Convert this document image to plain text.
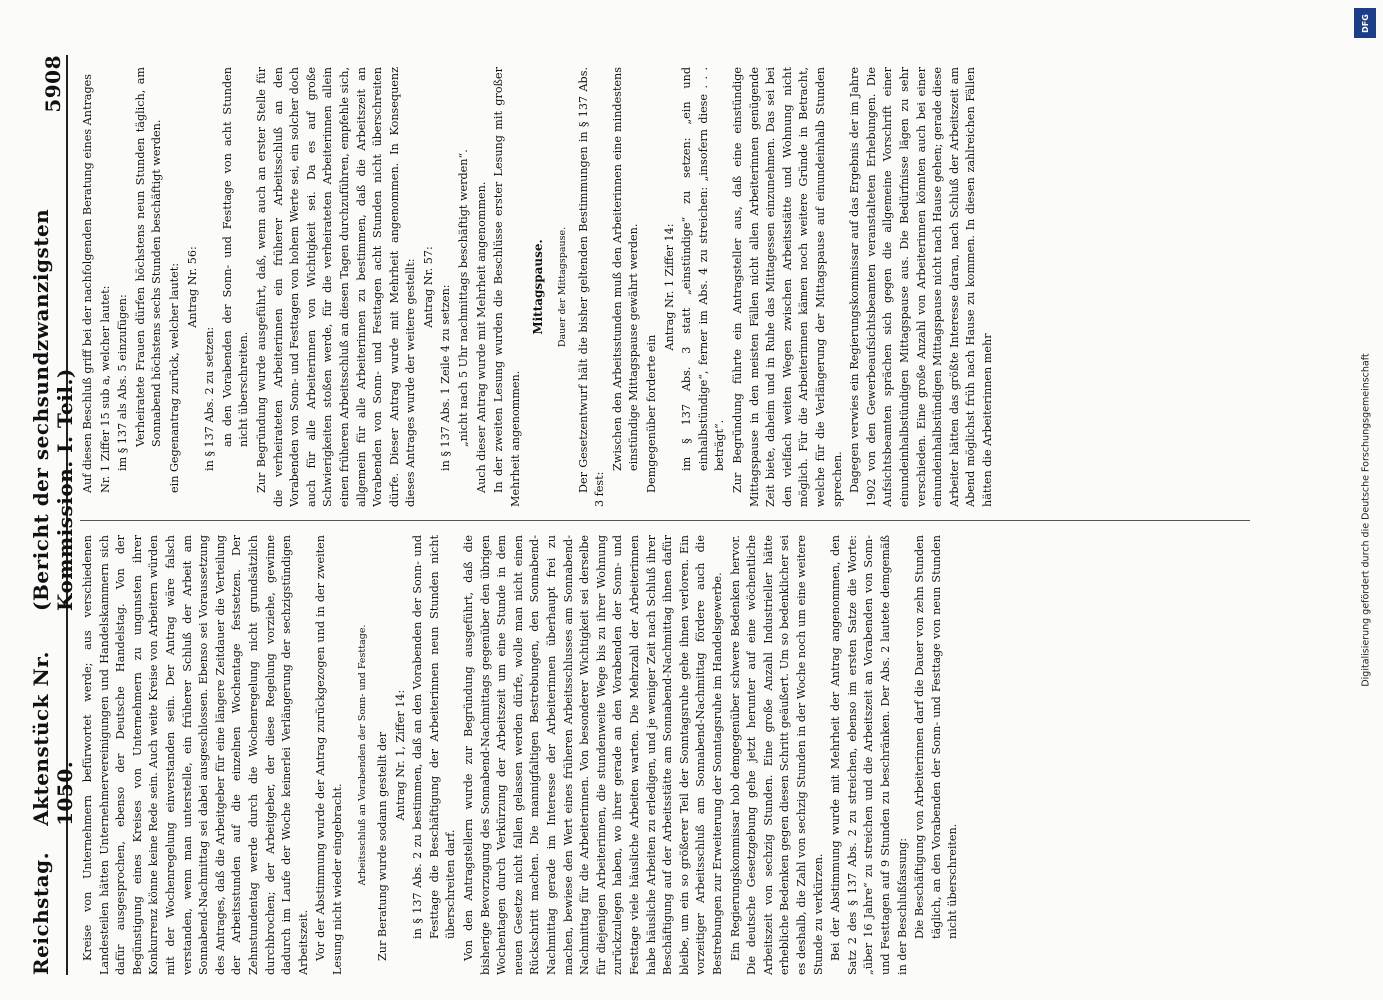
Reichstag.
Aktenstück Nr. 1050.
(Bericht der sechsundzwanzigsten Kommission. I. Teil.)
5908

Kreise von Unternehmern befürwortet werde; aus verschiedenen Landesteilen hätten Unternehmervereinigungen und Handelskammern sich dafür ausgesprochen, ebenso der Deutsche Handelstag. Von der Begünstigung eines Kreises von Unternehmern zu ungunsten ihrer Konkurrenz könne keine Rede sein. Auch weite Kreise von Arbeitern würden mit der Wochenregelung einverstanden sein. Der Antrag wäre falsch verstanden, wenn man unterstelle, ein früherer Schluß der Arbeit am Sonnabend-Nachmittag sei dabei ausgeschlossen. Ebenso sei Voraussetzung des Antrages, daß die Arbeitgeber für eine längere Zeitdauer die Verteilung der Arbeitsstunden auf die einzelnen Wochentage festsetzen. Der Zehnstundentag werde durch die Wochenregelung nicht grundsätzlich durchbrochen; der Arbeitgeber, der diese Regelung vorziehe, gewinne dadurch im Laufe der Woche keinerlei Verlängerung der sechzigstündigen Arbeitszeit. Vor der Abstimmung wurde der Antrag zurückgezogen und in der zweiten Lesung nicht wieder eingebracht. Arbeitsschluß an Vorabenden der Sonn- und Festtage. Zur Beratung wurde sodann gestellt der Antrag Nr. 1, Ziffer 14: in § 137 Abs. 2 zu bestimmen, daß an den Vorabenden der Sonn- und Festtage die Beschäftigung der Arbeiterinnen neun Stunden nicht überschreiten darf. Von den Antragstellern wurde zur Begründung ausgeführt, daß die bisherige Bevorzugung des Sonnabend-Nachmittags gegenüber den übrigen Wochentagen durch Verkürzung der Arbeitszeit um eine Stunde in dem neuen Gesetze nicht fallen gelassen werden dürfe, wolle man nicht einen Rückschritt machen. Die mannigfaltigen Bestrebungen, den Sonnabend-Nachmittag gerade im Interesse der Arbeiterinnen überhaupt frei zu machen, bewiese den Wert eines früheren Arbeitsschlusses am Sonnabend-Nachmittag für die Arbeiterinnen. Von besonderer Wichtigkeit sei derselbe für diejenigen Arbeiterinnen, die stundenweite Wege bis zu ihrer Wohnung zurückzulegen haben, wo ihrer gerade an den Vorabenden der Sonn- und Festtage viele häusliche Arbeiten warten. Die Mehrzahl der Arbeiterinnen habe häusliche Arbeiten zu erledigen, und je weniger Zeit nach Schluß ihrer Beschäftigung auf der Arbeitsstätte am Sonnabend-Nachmittag ihnen dafür bleibe, um ein so größerer Teil der Sonntagsruhe gehe ihnen verloren. Ein vorzeitiger Arbeitsschluß am Sonnabend-Nachmittag fördere auch die Bestrebungen zur Erweiterung der Sonntagsruhe im Handelsgewerbe. Ein Regierungskommissar hob demgegenüber schwere Bedenken hervor. Die deutsche Gesetzgebung gehe jetzt herunter auf eine wöchentliche Arbeitszeit von sechzig Stunden. Eine große Anzahl Industrieller hätte erhebliche Bedenken gegen diesen Schritt geäußert. Um so bedenklicher sei es deshalb, die Zahl von sechzig Stunden in der Woche noch um eine weitere Stunde zu verkürzen. Bei der Abstimmung wurde mit Mehrheit der Antrag angenommen, den Satz 2 des § 137 Abs. 2 zu streichen, ebenso im ersten Satze die Worte: „über 16 Jahre“ zu streichen und die Arbeitszeit an Vorabenden von Sonn- und Festtagen auf 9 Stunden zu beschränken. Der Abs. 2 lautete demgemäß in der Beschlußfassung: Die Beschäftigung von Arbeiterinnen darf die Dauer von zehn Stunden täglich, an den Vorabenden der Sonn- und Festtage von neun Stunden nicht überschreiten.

Auf diesen Beschluß griff bei der nachfolgenden Beratung eines Antrages Nr. 1 Ziffer 15 sub a, welcher lautet: im § 137 als Abs. 5 einzufügen: Verheiratete Frauen dürfen höchstens neun Stunden täglich, am Sonnabend höchstens sechs Stunden beschäftigt werden. ein Gegenantrag zurück, welcher lautet: Antrag Nr. 56:

in § 137 Abs. 2 zu setzen: an den Vorabenden der Sonn- und Festtage von acht Stunden nicht überschreiten. Zur Begründung wurde ausgeführt, daß, wenn auch an erster Stelle für die verheirateten Arbeiterinnen ein früherer Arbeitsschluß an den Vorabenden von Sonn- und Festtagen von hohem Werte sei, ein solcher doch auch für alle Arbeiterinnen von Wichtigkeit sei. Da es auf große Schwierigkeiten stoßen werde, für die verheirateten Arbeiterinnen allein einen früheren Arbeitsschluß an diesen Tagen durchzuführen, empfehle sich, allgemein für alle Arbeiterinnen zu bestimmen, daß die Arbeitszeit an Vorabenden von Sonn- und Festtagen acht Stunden nicht überschreiten dürfe. Dieser Antrag wurde mit Mehrheit angenommen. In Konsequenz dieses Antrages wurde der weitere gestellt: Antrag Nr. 57: in § 137 Abs. 1 Zeile 4 zu setzen: „nicht nach 5 Uhr nachmittags beschäftigt werden“. Auch dieser Antrag wurde mit Mehrheit angenommen. In der zweiten Lesung wurden die Beschlüsse erster Lesung mit großer Mehrheit angenommen.

Mittagspause. Dauer der Mittagspause. Der Gesetzentwurf hält die bisher geltenden Bestimmungen in § 137 Abs. 3 fest:

Zwischen den Arbeitsstunden muß den Arbeiterinnen eine mindestens einstündige Mittagspause gewährt werden. Demgegenüber forderte ein

Antrag Nr. 1 Ziffer 14: im § 137 Abs. 3 statt „einstündige“ zu setzen: „ein und einhalbstündige“, ferner im Abs. 4 zu streichen: „insofern diese . . . beträgt“. Zur Begründung führte ein Antragsteller aus, daß eine einstündige Mittagspause in den meisten Fällen nicht allen Arbeiterinnen genügende Zeit biete, daheim und in Ruhe das Mittagessen einzunehmen. Das sei bei den vielfach weiten Wegen zwischen Arbeitsstätte und Wohnung nicht möglich. Für die Arbeiterinnen kämen noch weitere Gründe in Betracht, welche für die Verlängerung der Mittagspause auf einundeinhalb Stunden sprechen. Dagegen verwies ein Regierungskommissar auf das Ergebnis der im Jahre 1902 von den Gewerbeaufsichtsbeamten veranstalteten Erhebungen. Die Aufsichtsbeamten sprächen sich gegen die allgemeine Vorschrift einer einundeinhalbstündigen Mittagspause aus. Die Bedürfnisse lägen zu sehr verschieden. Eine große Anzahl von Arbeiterinnen könnten auch bei einer einundeinhalbstündigen Mittagspause nicht nach Hause gehen; gerade diese Arbeiter hätten das größte Interesse daran, nach Schluß der Arbeitszeit am Abend möglichst früh nach Hause zu kommen. In diesen zahlreichen Fällen hätten die Arbeiterinnen mehr

DFG
Digitalisierung gefördert durch die Deutsche Forschungsgemeinschaft
